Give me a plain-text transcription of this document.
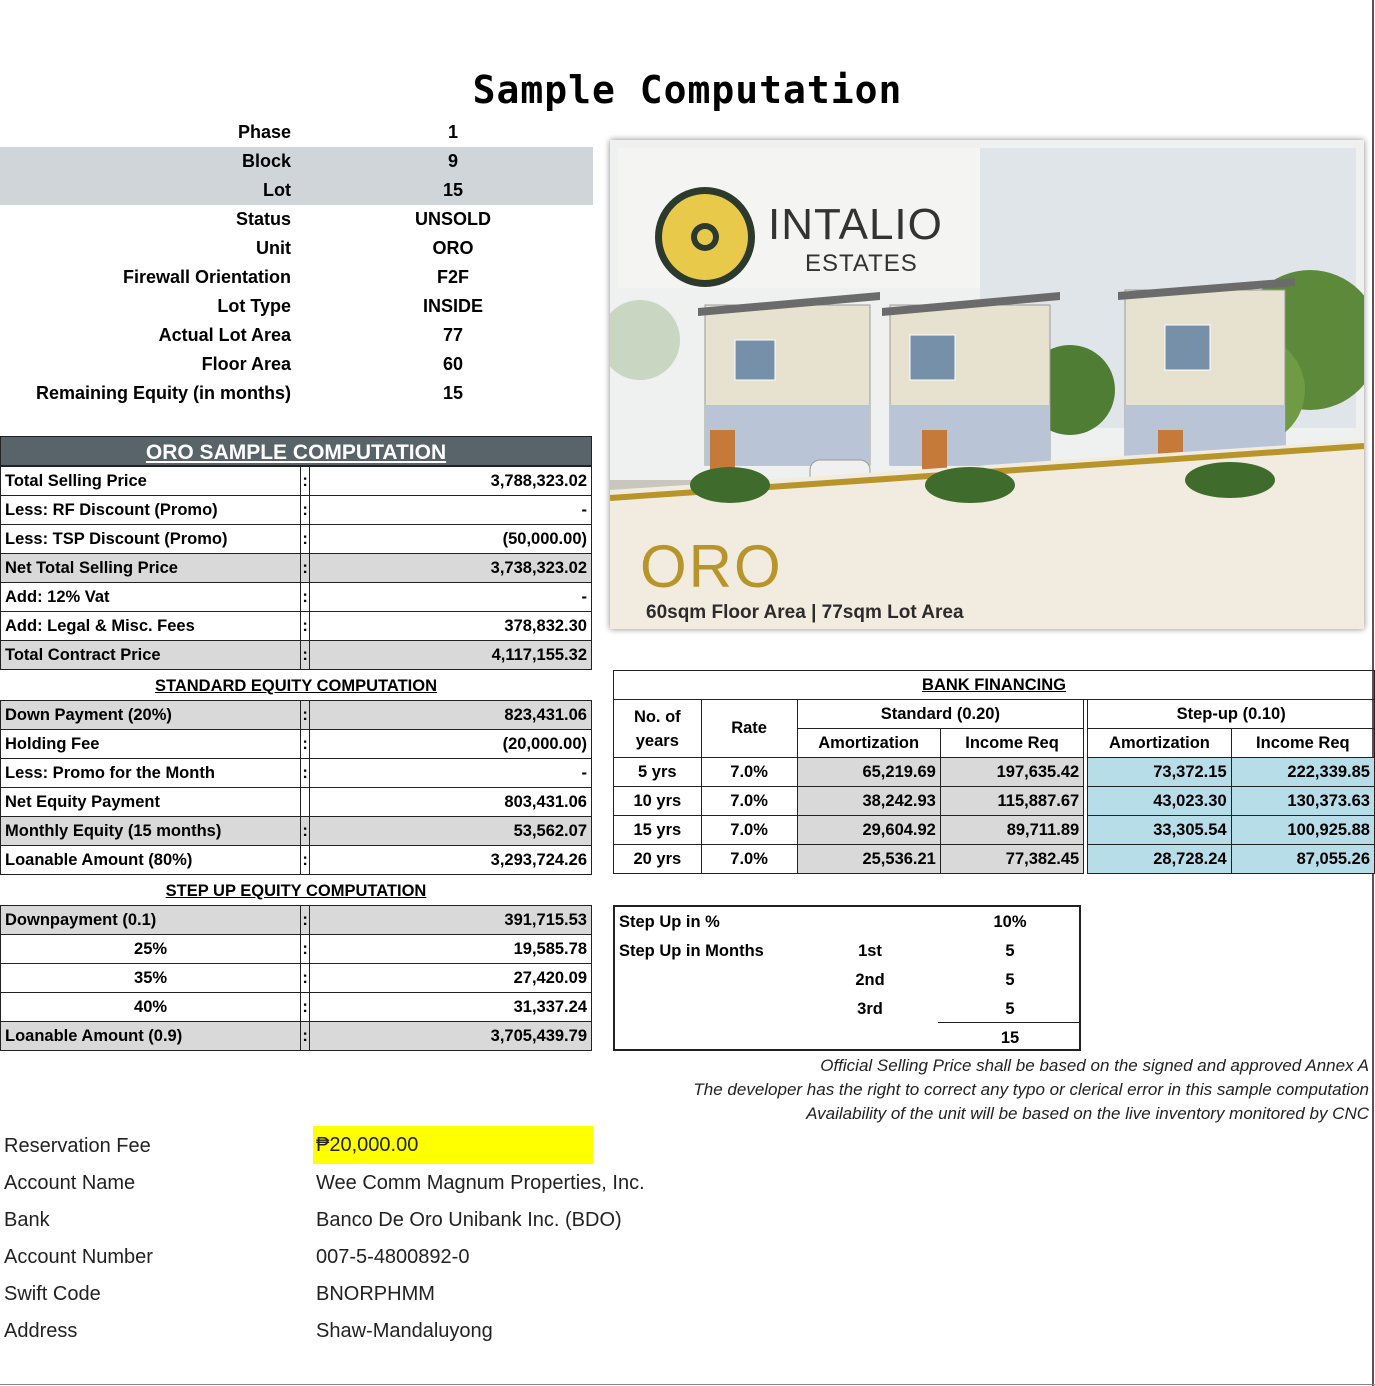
Sample Computation
Phase	1
Block	9
Lot	15
Status	UNSOLD
Unit	ORO
Firewall Orientation	F2F
Lot Type	INSIDE
Actual Lot Area	77
Floor Area	60
Remaining Equity (in months)	15
ORO SAMPLE COMPUTATION
Total Selling Price	:	3,788,323.02
Less: RF Discount (Promo)	:	-
Less: TSP Discount (Promo)	:	(50,000.00)
Net Total Selling Price	:	3,738,323.02
Add: 12% Vat	:	-
Add: Legal & Misc. Fees	:	378,832.30
Total Contract Price	:	4,117,155.32
STANDARD EQUITY COMPUTATION
Down Payment (20%)	:	823,431.06
Holding Fee	:	(20,000.00)
Less: Promo for the Month	:	-
Net Equity Payment		803,431.06
Monthly Equity (15 months)	:	53,562.07
Loanable Amount (80%)	:	3,293,724.26
STEP UP EQUITY COMPUTATION
Downpayment (0.1)	:	391,715.53
25%	:	19,585.78
35%	:	27,420.09
40%	:	31,337.24
Loanable Amount (0.9)	:	3,705,439.79
INTALIO
ESTATES
ORO
60sqm Floor Area | 77sqm Lot Area
BANK FINANCING						
No. of years	Rate	Standard (0.20)			Step-up (0.10)	
		Amortization	Income Req		Amortization	Income Req
5 yrs	7.0%	65,219.69	197,635.42		73,372.15	222,339.85
10 yrs	7.0%	38,242.93	115,887.67		43,023.30	130,373.63
15 yrs	7.0%	29,604.92	89,711.89		33,305.54	100,925.88
20 yrs	7.0%	25,536.21	77,382.45		28,728.24	87,055.26
Step Up in %	10%
Step Up in Months	1st	5
2nd	5
3rd	5
15
Official Selling Price shall be based on the signed and approved Annex A
The developer has the right to correct any typo or clerical error in this sample computation
Availability of the unit will be based on the live inventory monitored by CNC
Reservation Fee	₱20,000.00
Account Name	Wee Comm Magnum Properties, Inc.
Bank	Banco De Oro Unibank Inc. (BDO)
Account Number	007-5-4800892-0
Swift Code	BNORPHMM
Address	Shaw-Mandaluyong
